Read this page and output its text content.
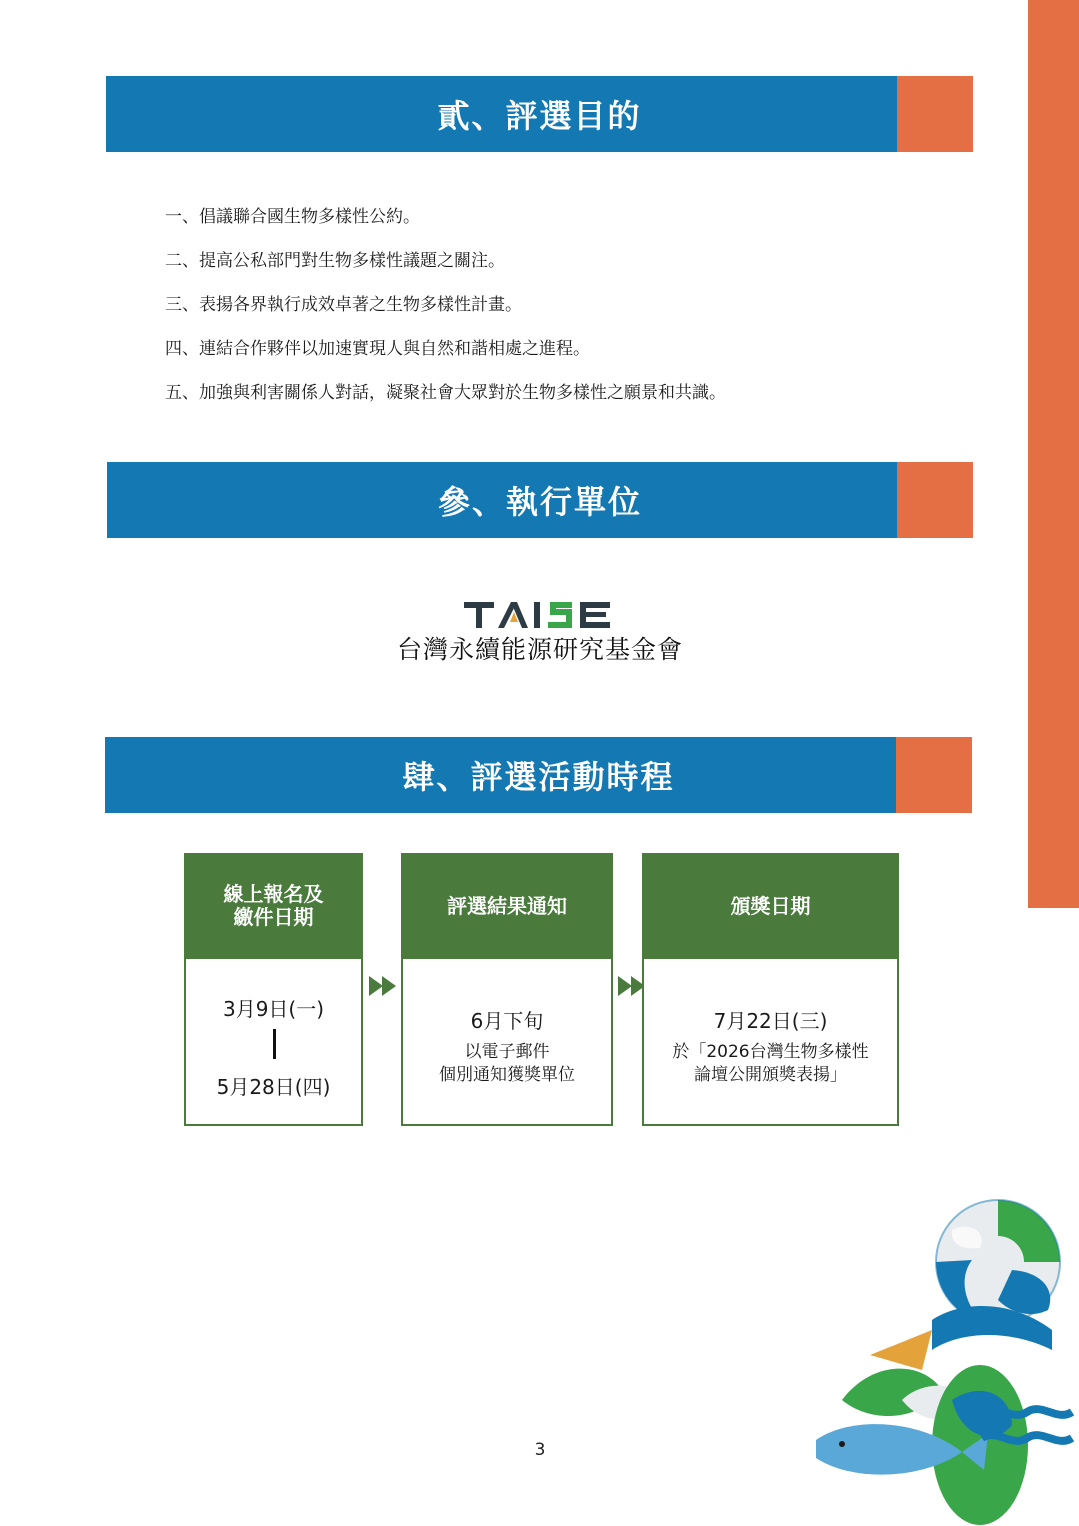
貳、評選目的
一、倡議聯合國生物多樣性公約。
二、提高公私部門對生物多樣性議題之關注。
三、表揚各界執行成效卓著之生物多樣性計畫。
四、連結合作夥伴以加速實現人與自然和諧相處之進程。
五、加強與利害關係人對話，凝聚社會大眾對於生物多樣性之願景和共識。
參、執行單位
台灣永續能源研究基金會
肆、評選活動時程
線上報名及
繳件日期
3月9日(一)
5月28日(四)
評選結果通知
6月下旬
以電子郵件
個別通知獲獎單位
頒獎日期
7月22日(三)
於「2026台灣生物多樣性
論壇公開頒獎表揚」
3
